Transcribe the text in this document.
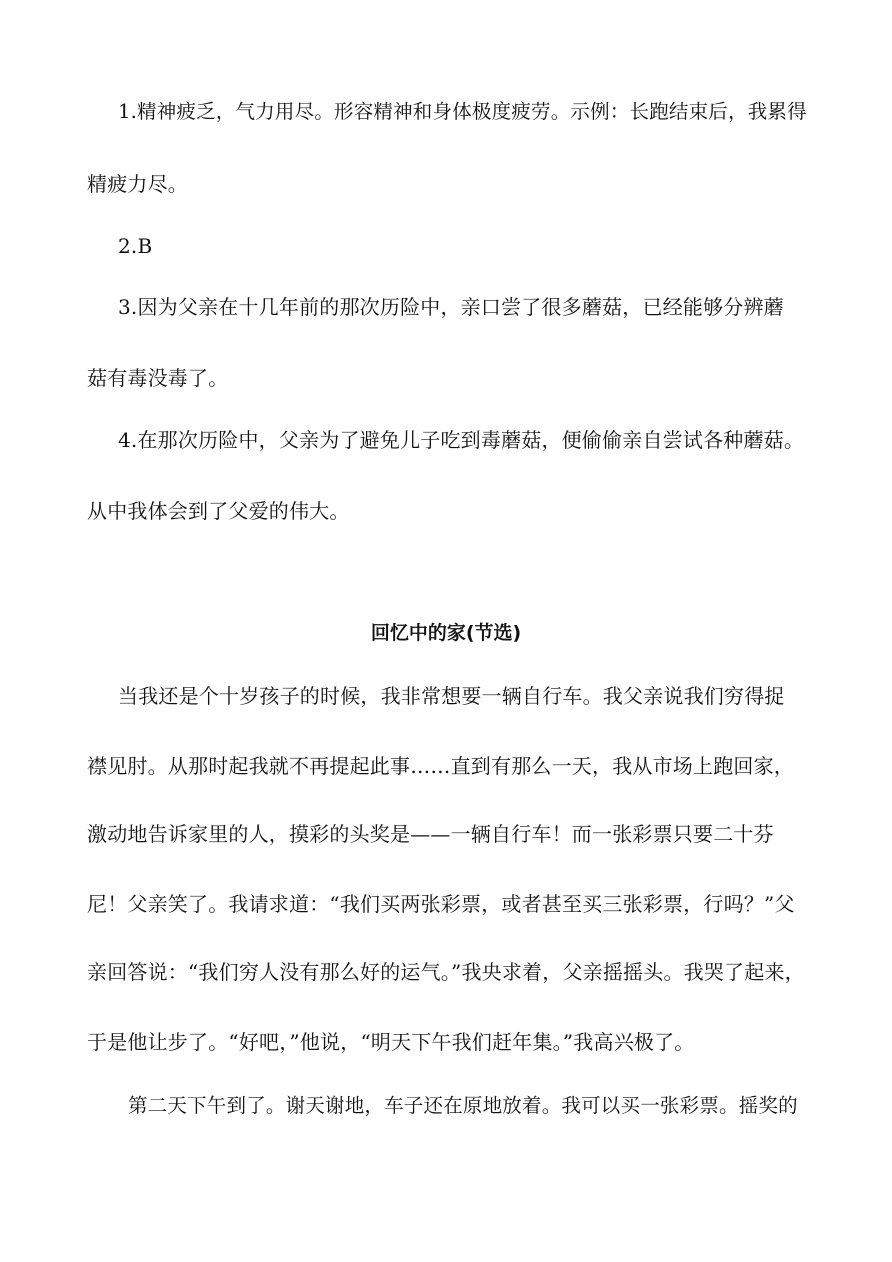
1.精神疲乏，气力用尽。形容精神和身体极度疲劳。示例：长跑结束后，我累得
精疲力尽。
2.B
3.因为父亲在十几年前的那次历险中，亲口尝了很多蘑菇，已经能够分辨蘑
菇有毒没毒了。
4.在那次历险中，父亲为了避免儿子吃到毒蘑菇，便偷偷亲自尝试各种蘑菇。
从中我体会到了父爱的伟大。
回忆中的家(节选)
当我还是个十岁孩子的时候，我非常想要一辆自行车。我父亲说我们穷得捉
襟见肘。从那时起我就不再提起此事……直到有那么一天，我从市场上跑回家，
激动地告诉家里的人，摸彩的头奖是——一辆自行车！而一张彩票只要二十芬
尼！父亲笑了。我请求道：“我们买两张彩票，或者甚至买三张彩票，行吗？”父
亲回答说：“我们穷人没有那么好的运气。”我央求着，父亲摇摇头。我哭了起来，
于是他让步了。“好吧，”他说，“明天下午我们赶年集。”我高兴极了。
第二天下午到了。谢天谢地，车子还在原地放着。我可以买一张彩票。摇奖的
